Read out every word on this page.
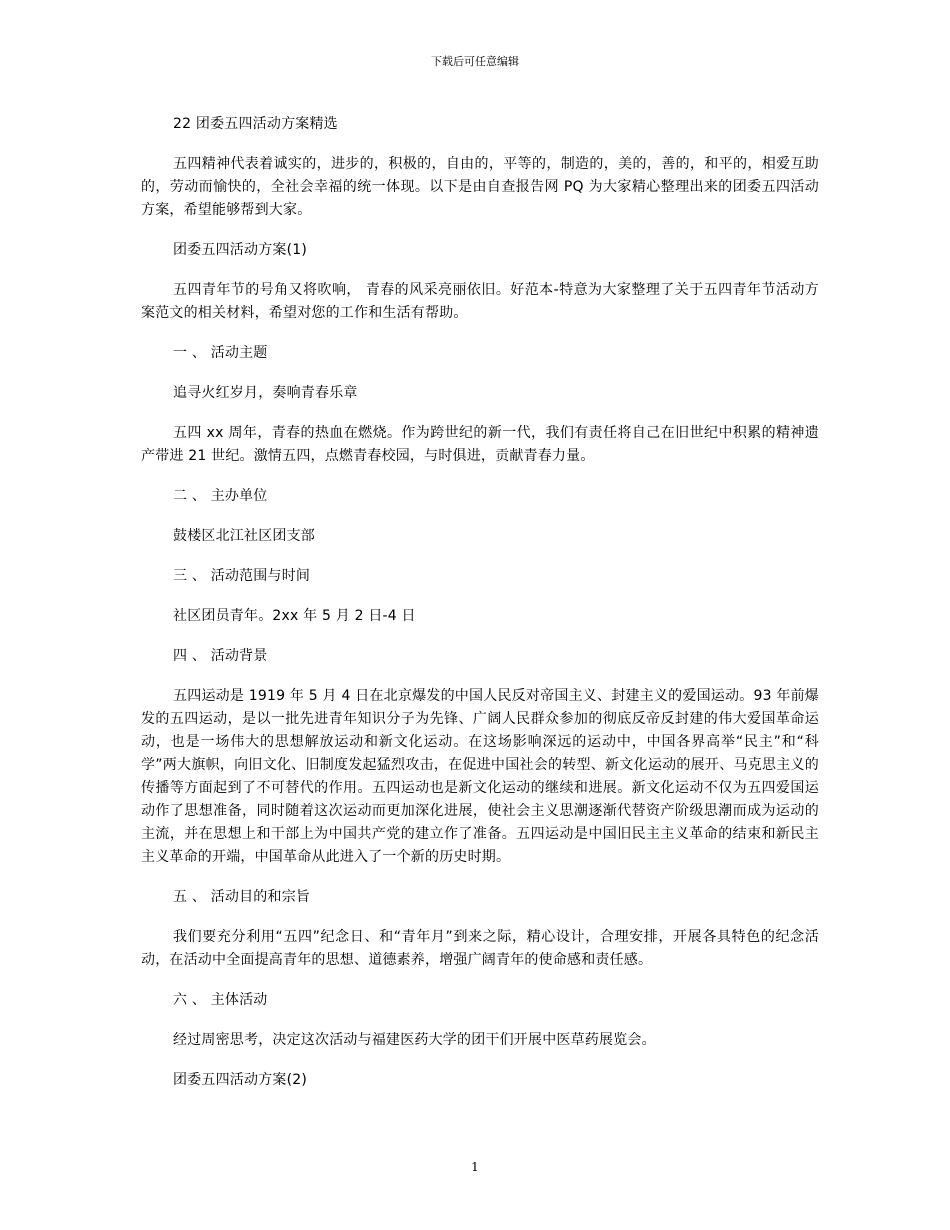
下载后可任意编辑

22 团委五四活动方案精选

五四精神代表着诚实的，进步的，积极的，自由的，平等的，制造的，美的，善的，和平的，相爱互助的，劳动而愉快的，全社会幸福的统一体现。以下是由自查报告网 PQ 为大家精心整理出来的团委五四活动方案，希望能够帮到大家。

团委五四活动方案(1)

五四青年节的号角又将吹响， 青春的风采亮丽依旧。好范本-特意为大家整理了关于五四青年节活动方案范文的相关材料，希望对您的工作和生活有帮助。

一 、 活动主题

追寻火红岁月，奏响青春乐章

五四 xx 周年，青春的热血在燃烧。作为跨世纪的新一代，我们有责任将自己在旧世纪中积累的精神遗产带进 21 世纪。激情五四，点燃青春校园，与时俱进，贡献青春力量。

二 、 主办单位

鼓楼区北江社区团支部

三 、 活动范围与时间

社区团员青年。2xx 年 5 月 2 日-4 日

四 、 活动背景

五四运动是 1919 年 5 月 4 日在北京爆发的中国人民反对帝国主义、封建主义的爱国运动。93 年前爆发的五四运动，是以一批先进青年知识分子为先锋、广阔人民群众参加的彻底反帝反封建的伟大爱国革命运动，也是一场伟大的思想解放运动和新文化运动。在这场影响深远的运动中，中国各界高举“民主”和“科学”两大旗帜，向旧文化、旧制度发起猛烈攻击，在促进中国社会的转型、新文化运动的展开、马克思主义的传播等方面起到了不可替代的作用。五四运动也是新文化运动的继续和进展。新文化运动不仅为五四爱国运动作了思想准备，同时随着这次运动而更加深化进展，使社会主义思潮逐渐代替资产阶级思潮而成为运动的主流，并在思想上和干部上为中国共产党的建立作了准备。五四运动是中国旧民主主义革命的结束和新民主主义革命的开端，中国革命从此进入了一个新的历史时期。

五 、 活动目的和宗旨

我们要充分利用“五四”纪念日、和“青年月”到来之际，精心设计，合理安排，开展各具特色的纪念活动，在活动中全面提高青年的思想、道德素养，增强广阔青年的使命感和责任感。

六 、 主体活动

经过周密思考，决定这次活动与福建医药大学的团干们开展中医草药展览会。

团委五四活动方案(2)

1
